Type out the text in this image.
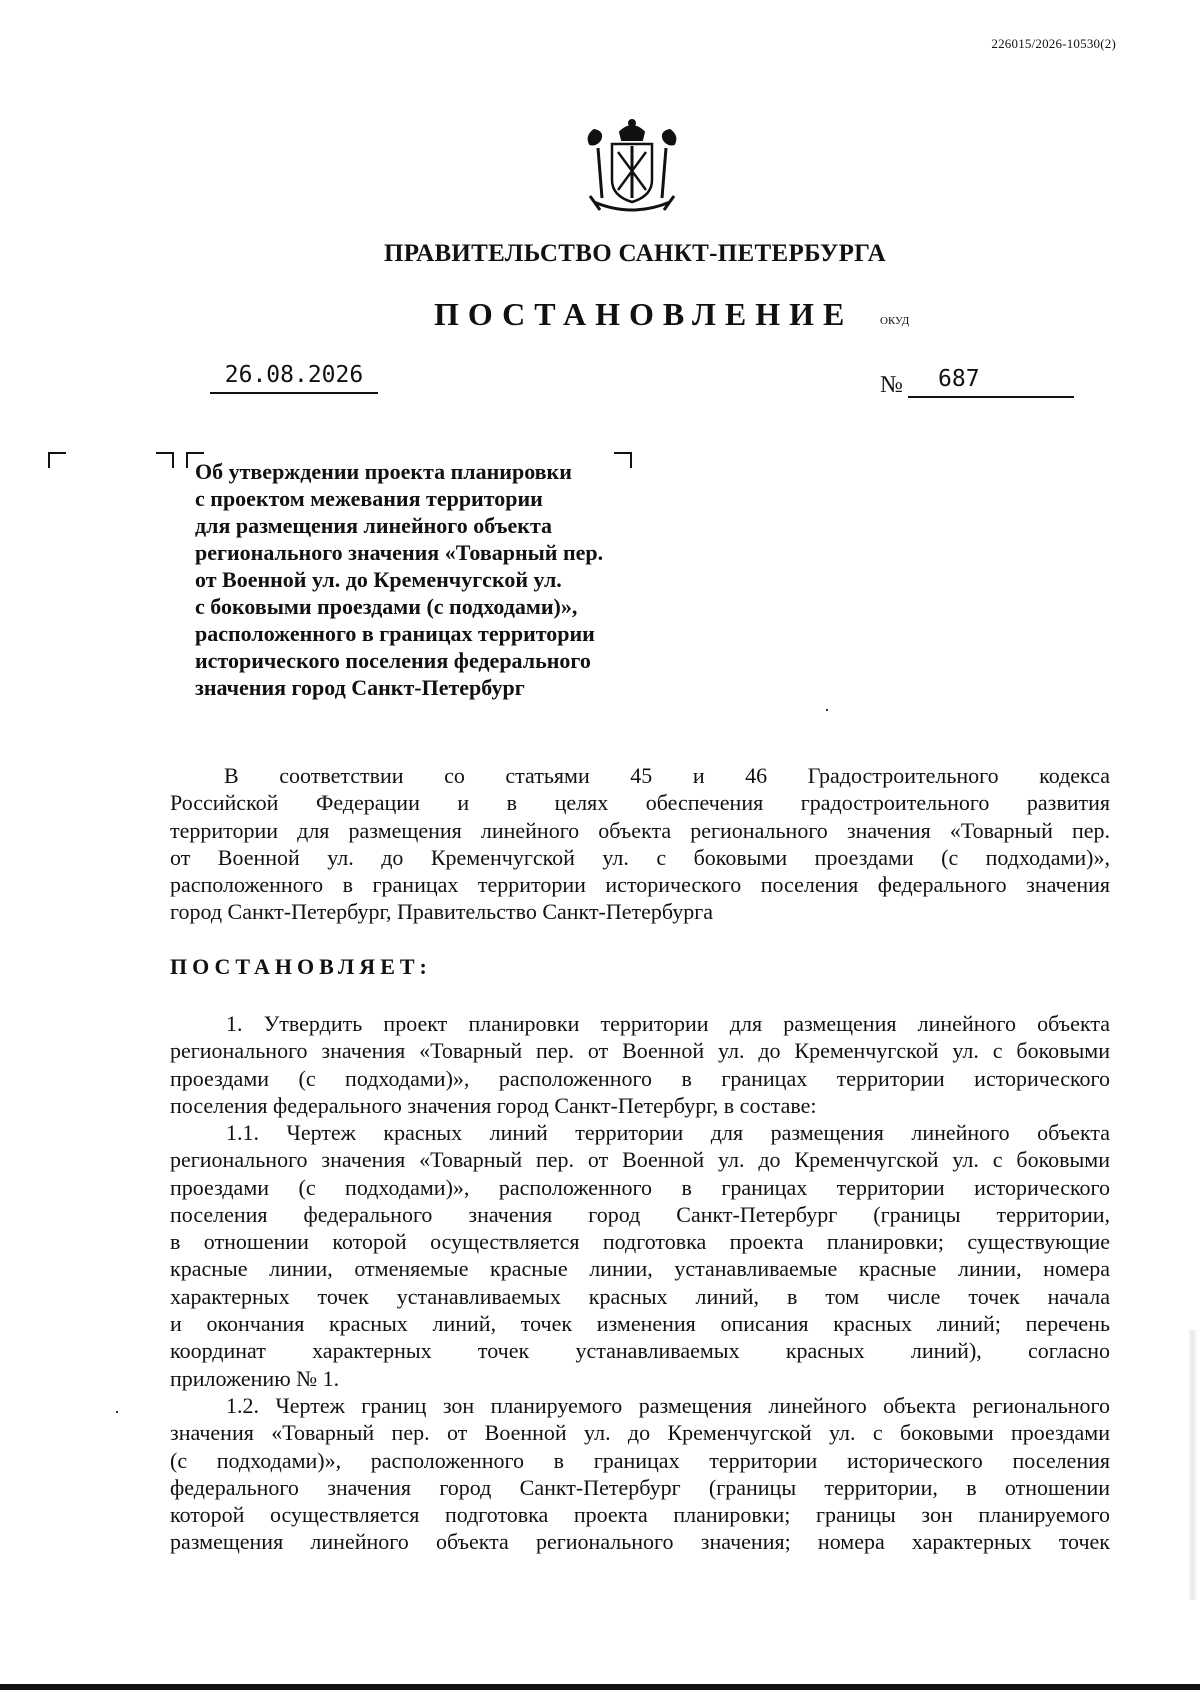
226015/2026-10530(2)
ПРАВИТЕЛЬСТВО САНКТ-ПЕТЕРБУРГА
ПОСТАНОВЛЕНИЕ ОКУД
26.08.2026	№	687
Об утверждении проекта планировки
с проектом межевания территории
для размещения линейного объекта
регионального значения «Товарный пер.
от Военной ул. до Кременчугской ул.
с боковыми проездами (с подходами)»,
расположенного в границах территории
исторического поселения федерального
значения город Санкт-Петербург
В соответствии со статьями 45 и 46 Градостроительного кодекса
Российской Федерации и в целях обеспечения градостроительного развития
территории для размещения линейного объекта регионального значения «Товарный пер.
от Военной ул. до Кременчугской ул. с боковыми проездами (с подходами)»,
расположенного в границах территории исторического поселения федерального значения
город Санкт-Петербург, Правительство Санкт-Петербурга
ПОСТАНОВЛЯЕТ:
1. Утвердить проект планировки территории для размещения линейного объекта
регионального значения «Товарный пер. от Военной ул. до Кременчугской ул. с боковыми
проездами (с подходами)», расположенного в границах территории исторического
поселения федерального значения город Санкт-Петербург, в составе:
1.1. Чертеж красных линий территории для размещения линейного объекта
регионального значения «Товарный пер. от Военной ул. до Кременчугской ул. с боковыми
проездами (с подходами)», расположенного в границах территории исторического
поселения федерального значения город Санкт-Петербург (границы территории,
в отношении которой осуществляется подготовка проекта планировки; существующие
красные линии, отменяемые красные линии, устанавливаемые красные линии, номера
характерных точек устанавливаемых красных линий, в том числе точек начала
и окончания красных линий, точек изменения описания красных линий; перечень
координат характерных точек устанавливаемых красных линий), согласно
приложению № 1.
1.2. Чертеж границ зон планируемого размещения линейного объекта регионального
значения «Товарный пер. от Военной ул. до Кременчугской ул. с боковыми проездами
(с подходами)», расположенного в границах территории исторического поселения
федерального значения город Санкт-Петербург (границы территории, в отношении
которой осуществляется подготовка проекта планировки; границы зон планируемого
размещения линейного объекта регионального значения; номера характерных точек
